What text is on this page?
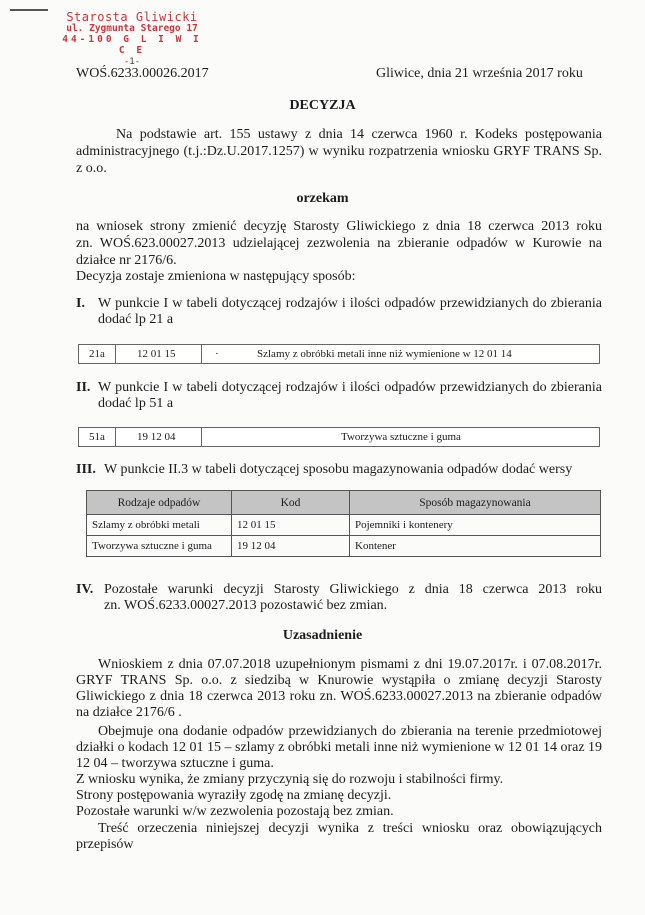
Starosta Gliwicki
ul. Zygmunta Starego 17
44-100 G L I W I C E
-1-
WOŚ.6233.00026.2017	Gliwice, dnia 21 września 2017 roku
DECYZJA
Na podstawie art. 155 ustawy z dnia 14 czerwca 1960 r. Kodeks postępowania
administracyjnego (t.j.:Dz.U.2017.1257) w wyniku rozpatrzenia wniosku GRYF TRANS Sp.
z o.o.
orzekam
na wniosek strony zmienić decyzję Starosty Gliwickiego z dnia 18 czerwca 2013 roku
zn. WOŚ.623.00027.2013 udzielającej zezwolenia na zbieranie odpadów w Kurowie na
działce nr 2176/6.
Decyzja zostaje zmieniona w następujący sposób:
I. W punkcie I w tabeli dotyczącej rodzajów i ilości odpadów przewidzianych do zbierania
dodać lp 21 a
21a	12 01 15	·	Szlamy z obróbki metali inne niż wymienione w 12 01 14
II. W punkcie I w tabeli dotyczącej rodzajów i ilości odpadów przewidzianych do zbierania
dodać lp 51 a
51a	19 12 04	Tworzywa sztuczne i guma
III. W punkcie II.3 w tabeli dotyczącej sposobu magazynowania odpadów dodać wersy
Rodzaje odpadów	Kod	Sposób magazynowania
Szlamy z obróbki metali	12 01 15	Pojemniki i kontenery
Tworzywa sztuczne i guma	19 12 04	Kontener
IV. Pozostałe warunki decyzji Starosty Gliwickiego z dnia 18 czerwca 2013 roku
zn. WOŚ.6233.00027.2013 pozostawić bez zmian.
Uzasadnienie
Wnioskiem z dnia 07.07.2018 uzupełnionym pismami z dni 19.07.2017r. i 07.08.2017r.
GRYF TRANS Sp. o.o. z siedzibą w Knurowie wystąpiła o zmianę decyzji Starosty
Gliwickiego z dnia 18 czerwca 2013 roku zn. WOŚ.6233.00027.2013 na zbieranie odpadów
na działce 2176/6 .
Obejmuje ona dodanie odpadów przewidzianych do zbierania na terenie przedmiotowej
działki o kodach 12 01 15 – szlamy z obróbki metali inne niż wymienione w 12 01 14 oraz 19
12 04 – tworzywa sztuczne i guma.
Z wniosku wynika, że zmiany przyczynią się do rozwoju i stabilności firmy.
Strony postępowania wyraziły zgodę na zmianę decyzji.
Pozostałe warunki w/w zezwolenia pozostają bez zmian.
Treść orzeczenia niniejszej decyzji wynika z treści wniosku oraz obowiązujących
przepisów
